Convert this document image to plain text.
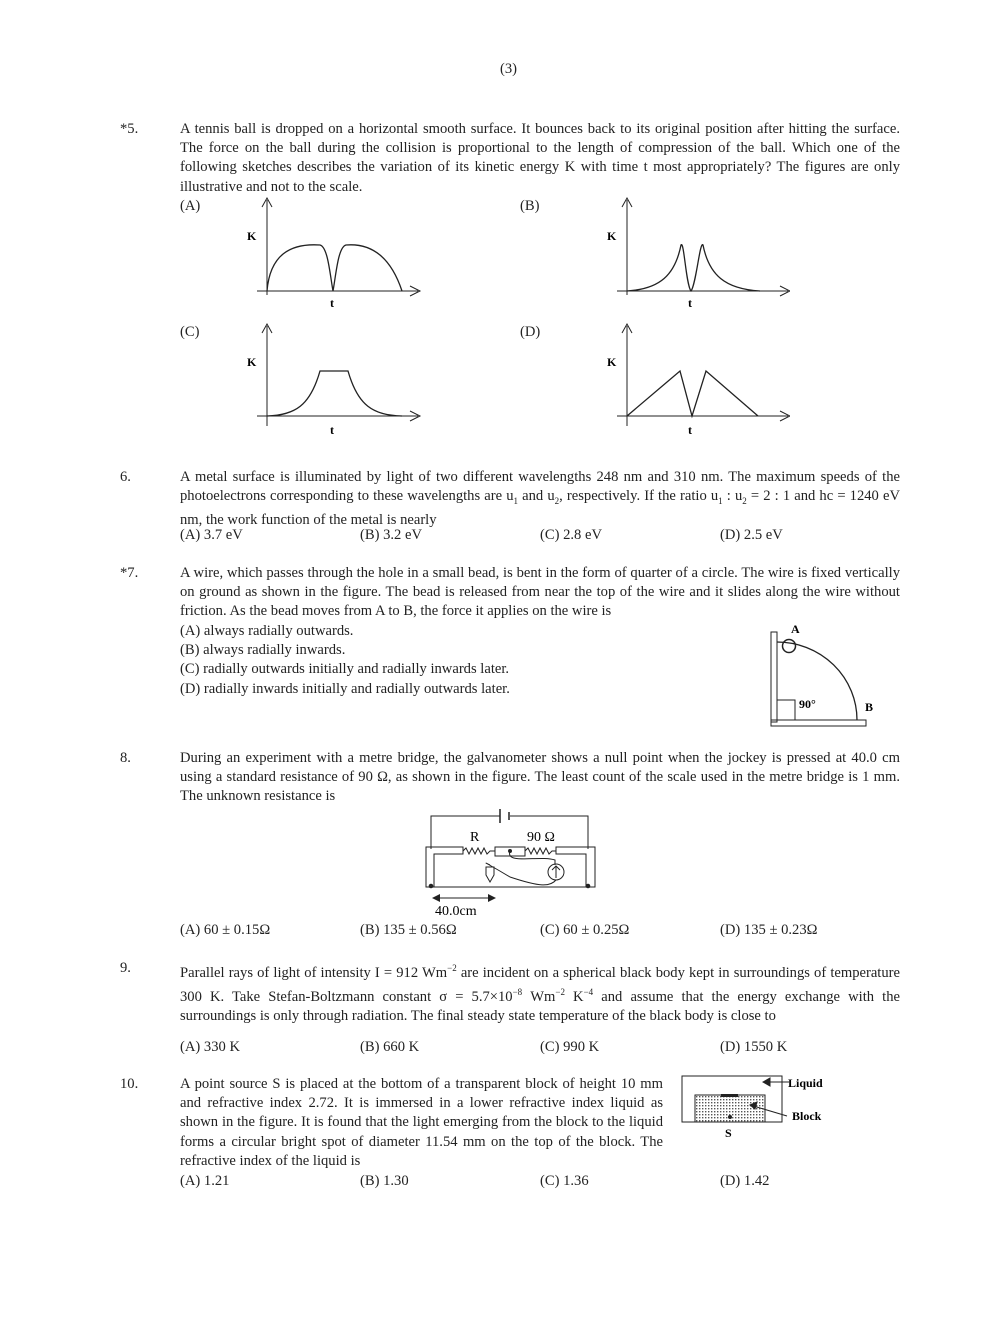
(3)
*5.	A tennis ball is dropped on a horizontal smooth surface. It bounces back to its original position after hitting the surface. The force on the ball during the collision is proportional to the length of compression of the ball. Which one of the following sketches describes the variation of its kinetic energy K with time t most appropriately? The figures are only illustrative and not to the scale.
(A)	(B)
(C)	(D)
K
t
K
t
K
t
K
t
6.	A metal surface is illuminated by light of two different wavelengths 248 nm and 310 nm. The maximum speeds of the photoelectrons corresponding to these wavelengths are $u_1$ and $u_2$, respectively. If the ratio $u_1$ : $u_2 = 2$ : 1 and hc = 1240 eV nm, the work function of the metal is nearly
(A) 3.7 eV	(B) 3.2 eV	(C) 2.8 eV	(D) 2.5 eV
*7.	A wire, which passes through the hole in a small bead, is bent in the form of quarter of a circle. The wire is fixed vertically on ground as shown in the figure. The bead is released from near the top of the wire and it slides along the wire without friction. As the bead moves from A to B, the force it applies on the wire is
(A) always radially outwards.
(B) always radially inwards.
(C) radially outwards initially and radially inwards later.
(D) radially inwards initially and radially outwards later.
A
B
90°
8.	During an experiment with a metre bridge, the galvanometer shows a null point when the jockey is pressed at 40.0 cm using a standard resistance of 90 Ω, as shown in the figure. The least count of the scale used in the metre bridge is 1 mm. The unknown resistance is
R	90 Ω
40.0cm
(A) 60 ± 0.15Ω	(B) 135 ± 0.56Ω	(C) 60 ± 0.25Ω	(D) 135 ± 0.23Ω
9.	Parallel rays of light of intensity I = 912 $Wm^{-2}$ are incident on a spherical black body kept in surroundings of temperature 300 K. Take Stefan-Boltzmann constant $\sigma = 5.7\times 10^{-8}$ $Wm^{-2}$ $K^{-4}$ and assume that the energy exchange with the surroundings is only through radiation. The final steady state temperature of the black body is close to
(A) 330 K	(B) 660 K	(C) 990 K	(D) 1550 K
10.	A point source S is placed at the bottom of a transparent block of height 10 mm and refractive index 2.72. It is immersed in a lower refractive index liquid as shown in the figure. It is found that the light emerging from the block to the liquid forms a circular bright spot of diameter 11.54 mm on the top of the block. The refractive index of the liquid is
Liquid
Block
S
(A) 1.21	(B) 1.30	(C) 1.36	(D) 1.42
